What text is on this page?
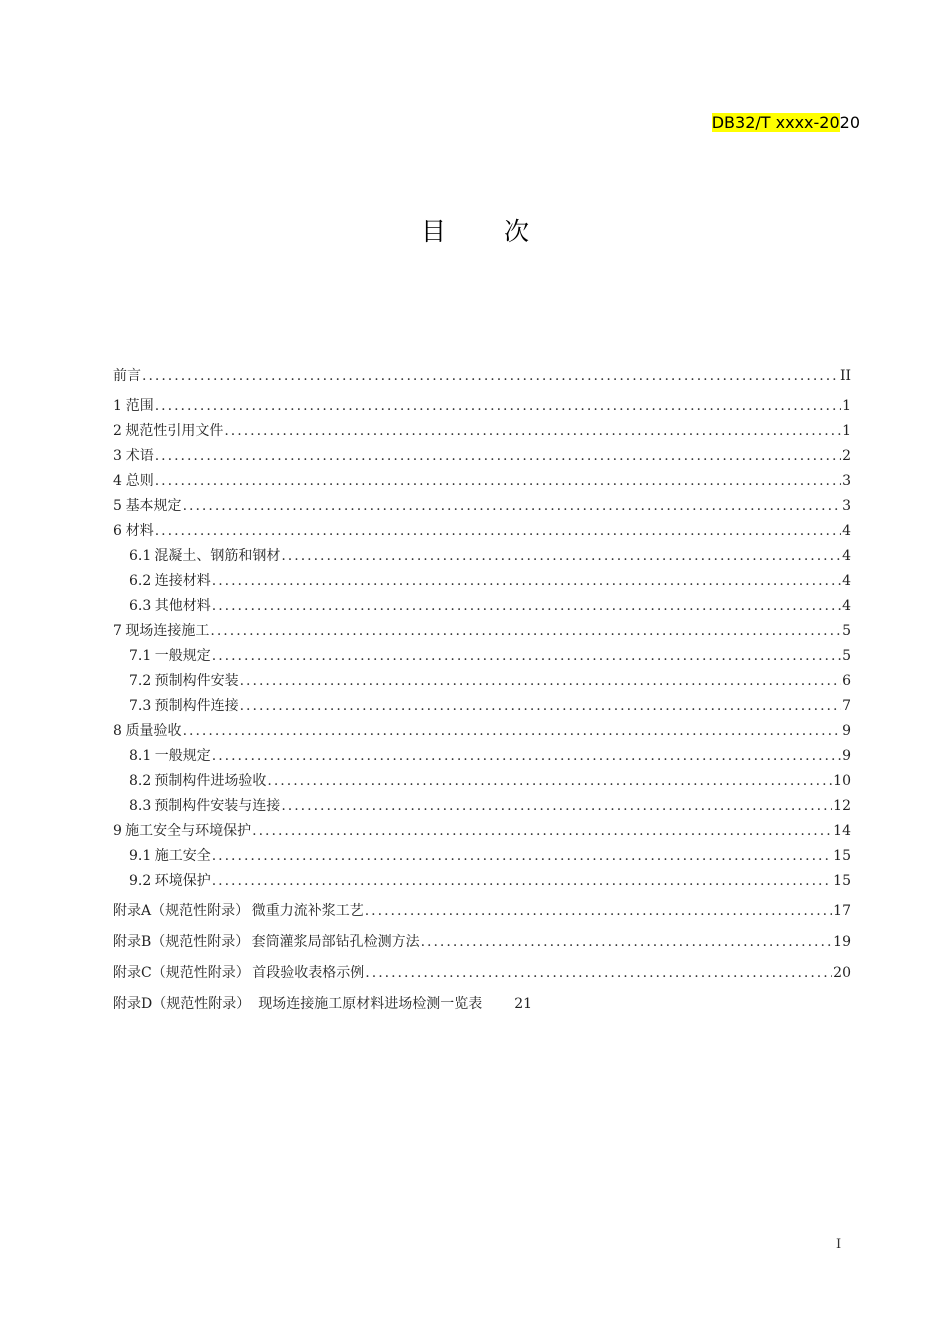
DB32/T xxxx-2020
目次
前言 .....	II
1 范围 .....	1
2 规范性引用文件 .....	1
3 术语 .....	2
4 总则 .....	3
5 基本规定 .....	3
6 材料 .....	4
6.1 混凝土、钢筋和钢材 .....	4
6.2 连接材料 .....	4
6.3 其他材料 .....	4
7 现场连接施工 .....	5
7.1 一般规定 .....	5
7.2 预制构件安装 .....	6
7.3 预制构件连接 .....	7
8 质量验收 .....	9
8.1 一般规定 .....	9
8.2 预制构件进场验收 .....	10
8.3 预制构件安装与连接 .....	12
9 施工安全与环境保护 .....	14
9.1 施工安全 .....	15
9.2 环境保护 .....	15
附录A（规范性附录） 微重力流补浆工艺 .....	17
附录B（规范性附录） 套筒灌浆局部钻孔检测方法 .....	19
附录C（规范性附录） 首段验收表格示例 .....	20
附录D（规范性附录） 现场连接施工原材料进场检测一览表 21
I
